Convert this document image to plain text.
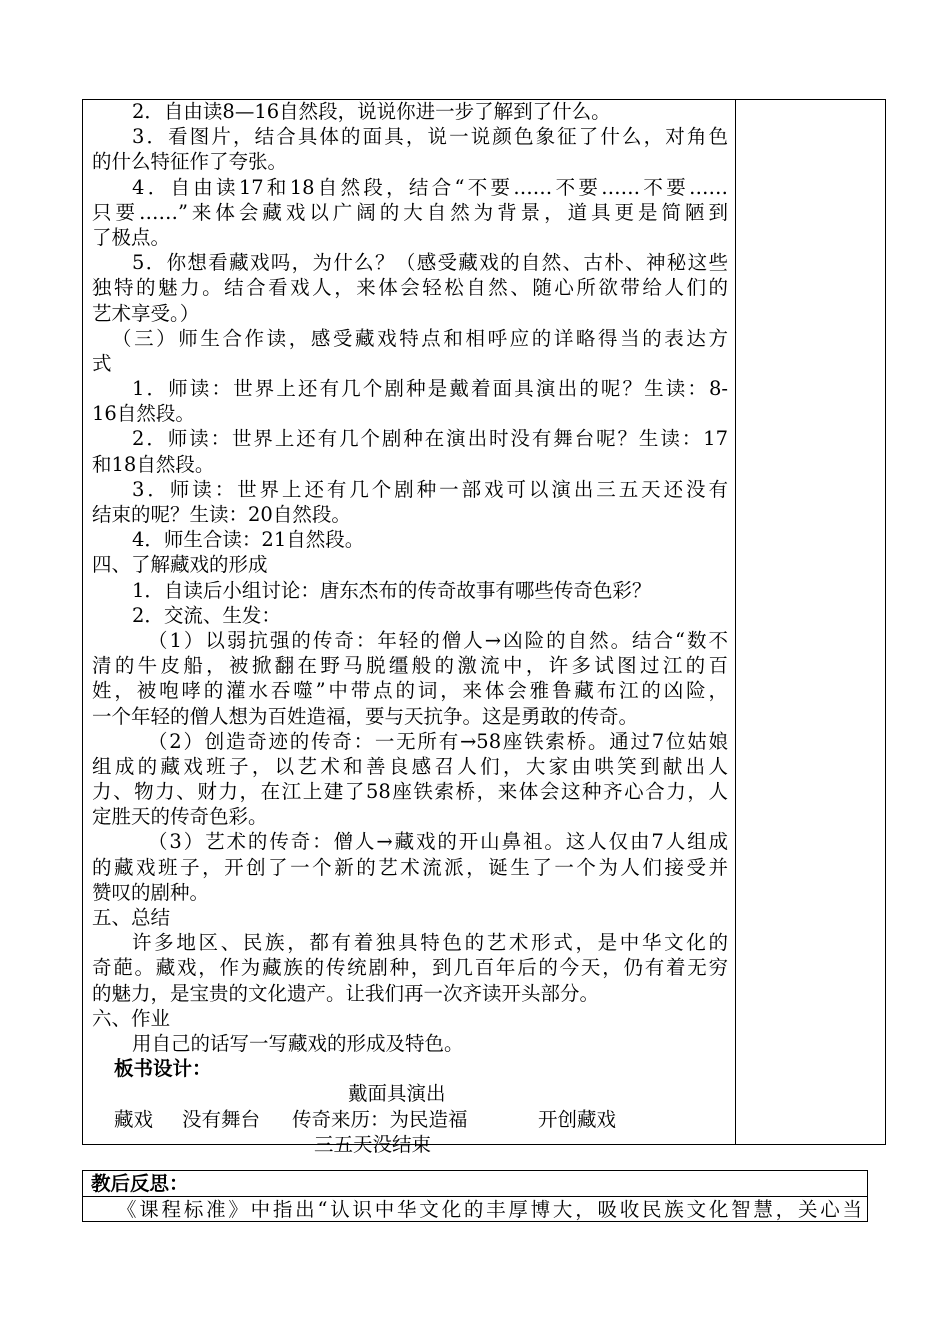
2．自由读8—16自然段，说说你进一步了解到了什么。
3．看图片，结合具体的面具，说一说颜色象征了什么，对角色
的什么特征作了夸张。
4．自由读17和18自然段，结合“不要……不要……不要……
只要……”来体会藏戏以广阔的大自然为背景，道具更是简陋到
了极点。
5．你想看藏戏吗，为什么？（感受藏戏的自然、古朴、神秘这些
独特的魅力。结合看戏人，来体会轻松自然、随心所欲带给人们的
艺术享受。）
（三）师生合作读，感受藏戏特点和相呼应的详略得当的表达方
式
1．师读：世界上还有几个剧种是戴着面具演出的呢？生读：8-
16自然段。
2．师读：世界上还有几个剧种在演出时没有舞台呢？生读：17
和18自然段。
3．师读：世界上还有几个剧种一部戏可以演出三五天还没有
结束的呢？生读：20自然段。
4．师生合读：21自然段。
四、了解藏戏的形成
1．自读后小组讨论：唐东杰布的传奇故事有哪些传奇色彩？
2．交流、生发：
（1）以弱抗强的传奇：年轻的僧人→凶险的自然。结合“数不
清的牛皮船，被掀翻在野马脱缰般的激流中，许多试图过江的百
姓，被咆哮的灌水吞噬”中带点的词，来体会雅鲁藏布江的凶险，
一个年轻的僧人想为百姓造福，要与天抗争。这是勇敢的传奇。
（2）创造奇迹的传奇：一无所有→58座铁索桥。通过7位姑娘
组成的藏戏班子，以艺术和善良感召人们，大家由哄笑到献出人
力、物力、财力，在江上建了58座铁索桥，来体会这种齐心合力，人
定胜天的传奇色彩。
（3）艺术的传奇：僧人→藏戏的开山鼻祖。这人仅由7人组成
的藏戏班子，开创了一个新的艺术流派，诞生了一个为人们接受并
赞叹的剧种。
五、总结
许多地区、民族，都有着独具特色的艺术形式，是中华文化的
奇葩。藏戏，作为藏族的传统剧种，到几百年后的今天，仍有着无穷
的魅力，是宝贵的文化遗产。让我们再一次齐读开头部分。
六、作业
用自己的话写一写藏戏的形成及特色。
板书设计：
戴面具演出
藏戏 没有舞台 传奇来历：为民造福	开创藏戏
三五天没结束
教后反思：
《课程标准》中指出“认识中华文化的丰厚博大，吸收民族文化智慧，关心当
